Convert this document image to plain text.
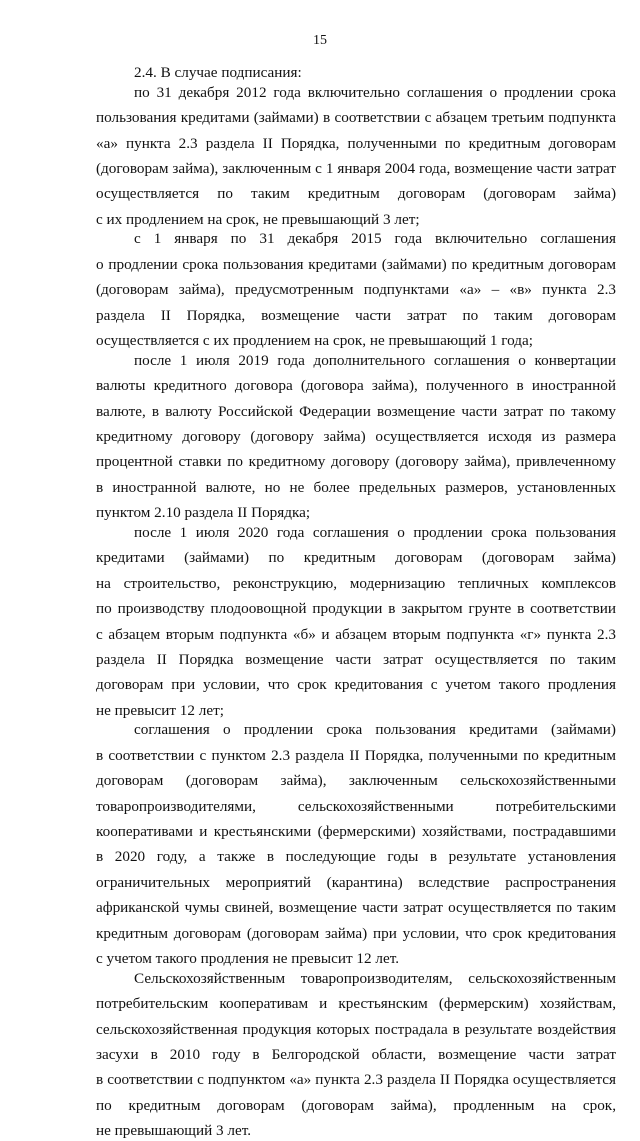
15

2.4. В случае подписания:

по 31 декабря 2012 года включительно соглашения о продлении срока
пользования кредитами (займами) в соответствии с абзацем третьим подпункта
«а» пункта 2.3 раздела II Порядка, полученными по кредитным договорам
(договорам займа), заключенным с 1 января 2004 года, возмещение части затрат
осуществляется по таким кредитным договорам (договорам займа)
с их продлением на срок, не превышающий 3 лет;

с 1 января по 31 декабря 2015 года включительно соглашения
о продлении срока пользования кредитами (займами) по кредитным договорам
(договорам займа), предусмотренным подпунктами «а» – «в» пункта 2.3
раздела II Порядка, возмещение части затрат по таким договорам
осуществляется с их продлением на срок, не превышающий 1 года;

после 1 июля 2019 года дополнительного соглашения о конвертации
валюты кредитного договора (договора займа), полученного в иностранной
валюте, в валюту Российской Федерации возмещение части затрат по такому
кредитному договору (договору займа) осуществляется исходя из размера
процентной ставки по кредитному договору (договору займа), привлеченному
в иностранной валюте, но не более предельных размеров, установленных
пунктом 2.10 раздела II Порядка;

после 1 июля 2020 года соглашения о продлении срока пользования
кредитами (займами) по кредитным договорам (договорам займа)
на строительство, реконструкцию, модернизацию тепличных комплексов
по производству плодоовощной продукции в закрытом грунте в соответствии
с абзацем вторым подпункта «б» и абзацем вторым подпункта «г» пункта 2.3
раздела II Порядка возмещение части затрат осуществляется по таким
договорам при условии, что срок кредитования с учетом такого продления
не превысит 12 лет;

соглашения о продлении срока пользования кредитами (займами)
в соответствии с пунктом 2.3 раздела II Порядка, полученными по кредитным
договорам (договорам займа), заключенным сельскохозяйственными
товаропроизводителями, сельскохозяйственными потребительскими
кооперативами и крестьянскими (фермерскими) хозяйствами, пострадавшими
в 2020 году, а также в последующие годы в результате установления
ограничительных мероприятий (карантина) вследствие распространения
африканской чумы свиней, возмещение части затрат осуществляется по таким
кредитным договорам (договорам займа) при условии, что срок кредитования
с учетом такого продления не превысит 12 лет.

Сельскохозяйственным товаропроизводителям, сельскохозяйственным
потребительским кооперативам и крестьянским (фермерским) хозяйствам,
сельскохозяйственная продукция которых пострадала в результате воздействия
засухи в 2010 году в Белгородской области, возмещение части затрат
в соответствии с подпунктом «а» пункта 2.3 раздела II Порядка осуществляется
по кредитным договорам (договорам займа), продленным на срок,
не превышающий 3 лет.
